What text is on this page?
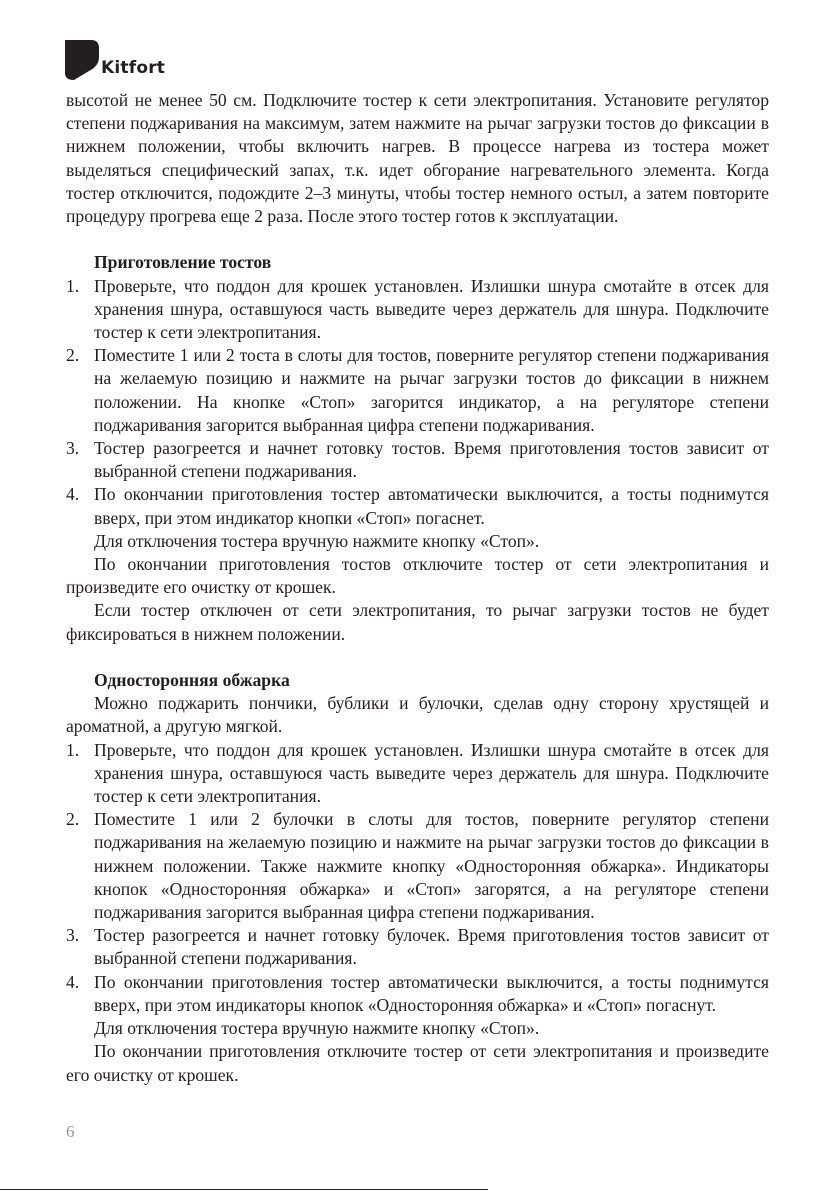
Kitfort

высотой не менее 50 см. Подключите тостер к сети электропитания. Установите регулятор степени поджаривания на максимум, затем нажмите на рычаг загрузки тостов до фиксации в нижнем положении, чтобы включить нагрев. В процессе нагрева из тостера может выделяться специфический запах, т.к. идет обгорание нагревательного элемента. Когда тостер отключится, подождите 2–3 минуты, чтобы тостер немного остыл, а затем повторите процедуру прогрева еще 2 раза. После этого тостер готов к эксплуатации.

Приготовление тостов

1. Проверьте, что поддон для крошек установлен. Излишки шнура смотайте в отсек для хранения шнура, оставшуюся часть выведите через держатель для шнура. Подключите тостер к сети электропитания.
2. Поместите 1 или 2 тоста в слоты для тостов, поверните регулятор степени поджаривания на желаемую позицию и нажмите на рычаг загрузки тостов до фиксации в нижнем положении. На кнопке «Стоп» загорится индикатор, а на регуляторе степени поджаривания загорится выбранная цифра степени поджаривания.
3. Тостер разогреется и начнет готовку тостов. Время приготовления тостов зависит от выбранной степени поджаривания.
4. По окончании приготовления тостер автоматически выключится, а тосты поднимутся вверх, при этом индикатор кнопки «Стоп» погаснет.

Для отключения тостера вручную нажмите кнопку «Стоп».

По окончании приготовления тостов отключите тостер от сети электропитания и произведите его очистку от крошек.

Если тостер отключен от сети электропитания, то рычаг загрузки тостов не будет фиксироваться в нижнем положении.

Односторонняя обжарка

Можно поджарить пончики, бублики и булочки, сделав одну сторону хрустящей и ароматной, а другую мягкой.

1. Проверьте, что поддон для крошек установлен. Излишки шнура смотайте в отсек для хранения шнура, оставшуюся часть выведите через держатель для шнура. Подключите тостер к сети электропитания.
2. Поместите 1 или 2 булочки в слоты для тостов, поверните регулятор степени поджаривания на желаемую позицию и нажмите на рычаг загрузки тостов до фиксации в нижнем положении. Также нажмите кнопку «Односторонняя обжарка». Индикаторы кнопок «Односторонняя обжарка» и «Стоп» загорятся, а на регуляторе степени поджаривания загорится выбранная цифра степени поджаривания.
3. Тостер разогреется и начнет готовку булочек. Время приготовления тостов зависит от выбранной степени поджаривания.
4. По окончании приготовления тостер автоматически выключится, а тосты поднимутся вверх, при этом индикаторы кнопок «Односторонняя обжарка» и «Стоп» погаснут.

Для отключения тостера вручную нажмите кнопку «Стоп».

По окончании приготовления отключите тостер от сети электропитания и произведите его очистку от крошек.

6
